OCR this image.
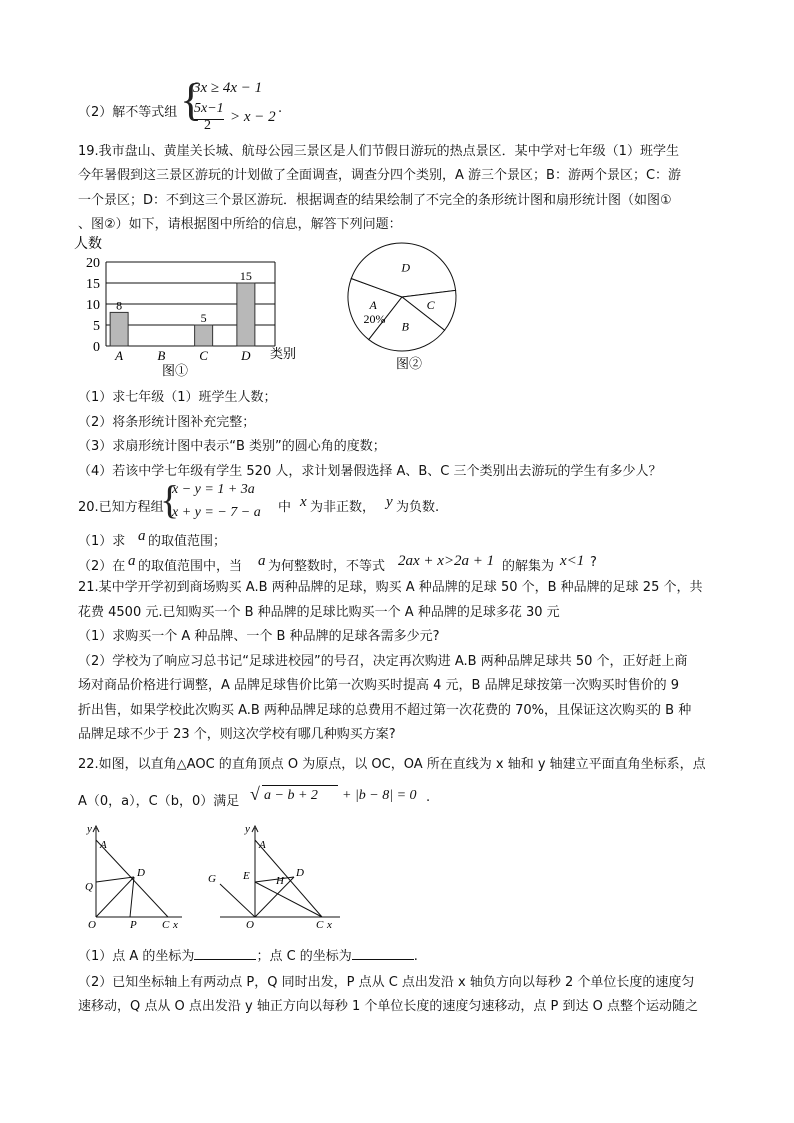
（2）解不等式组 {
3x ≥ 4x − 1
5x−1
2
> x − 2
.
19.我市盘山、黄崖关长城、航母公园三景区是人们节假日游玩的热点景区．某中学对七年级（1）班学生
今年暑假到这三景区游玩的计划做了全面调查，调查分四个类别，A 游三个景区；B：游两个景区；C：游
一个景区；D：不到这三个景区游玩．根据调查的结果绘制了不完全的条形统计图和扇形统计图（如图①
、图②）如下，请根据图中所给的信息，解答下列问题：
人数
0
5
10
15
20
A	B	C	D
8
5
15
类别
图①
A
20%
D
C
B
图②
（1）求七年级（1）班学生人数；
（2）将条形统计图补充完整；
（3）求扇形统计图中表示“B 类别”的圆心角的度数；
（4）若该中学七年级有学生 520 人，求计划暑假选择 A、B、C 三个类别出去游玩的学生有多少人？
20.已知方程组
{
x − y = 1 + 3a
x + y = − 7 − a 中 x 为非正数， y 为负数.
（1）求 a 的取值范围；
（2）在 a 的取值范围中，当 a 为何整数时，不等式 2ax + x>2a + 1 的解集为 x<1 ?
21.某中学开学初到商场购买 A.B 两种品牌的足球，购买 A 种品牌的足球 50 个，B 种品牌的足球 25 个，共
花费 4500 元.已知购买一个 B 种品牌的足球比购买一个 A 种品牌的足球多花 30 元
（1）求购买一个 A 种品牌、一个 B 种品牌的足球各需多少元?
（2）学校为了响应习总书记“足球进校园”的号召，决定再次购进 A.B 两种品牌足球共 50 个，正好赶上商
场对商品价格进行调整，A 品牌足球售价比第一次购买时提高 4 元，B 品牌足球按第一次购买时售价的 9
折出售，如果学校此次购买 A.B 两种品牌足球的总费用不超过第一次花费的 70%，且保证这次购买的 B 种
品牌足球不少于 23 个，则这次学校有哪几种购买方案?
22.如图，以直角△AOC 的直角顶点 O 为原点，以 OC，OA 所在直线为 x 轴和 y 轴建立平面直角坐标系，点
A（0，a），C（b，0）满足 √ a − b + 2 + |b − 8| = 0 .
y
A
D
Q
O	P C x
y
A
G E H
D
O	C x
（1）点 A 的坐标为	；点 C 的坐标为	.
（2）已知坐标轴上有两动点 P，Q 同时出发，P 点从 C 点出发沿 x 轴负方向以每秒 2 个单位长度的速度匀
速移动，Q 点从 O 点出发沿 y 轴正方向以每秒 1 个单位长度的速度匀速移动，点 P 到达 O 点整个运动随之
